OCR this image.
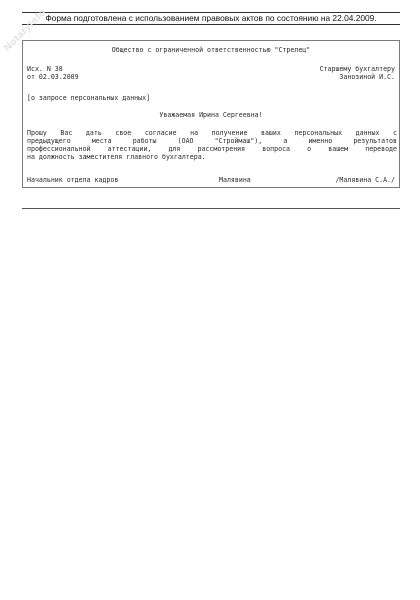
Форма подготовлена с использованием правовых актов по состоянию на 22.04.2009.
NotaryInfo	Общество с ограниченной ответственностью "Стрелец"
Исх. N 38
от 02.03.2009
Старшему бухгалтеру
Занозиной И.С.
[о запросе персональных данных]
Уважаемая Ирина Сергеевна!
Прошу Вас дать свое согласие на получение ваших персональных данных с
предыдущего места работы (ОАО "Строймаш"), а именно результатов
профессиональной аттестации, для рассмотрения вопроса о вашем переводе
на должность заместителя главного бухгалтера.
Начальник отдела кадров	Малявина	/Малявина С.А./
